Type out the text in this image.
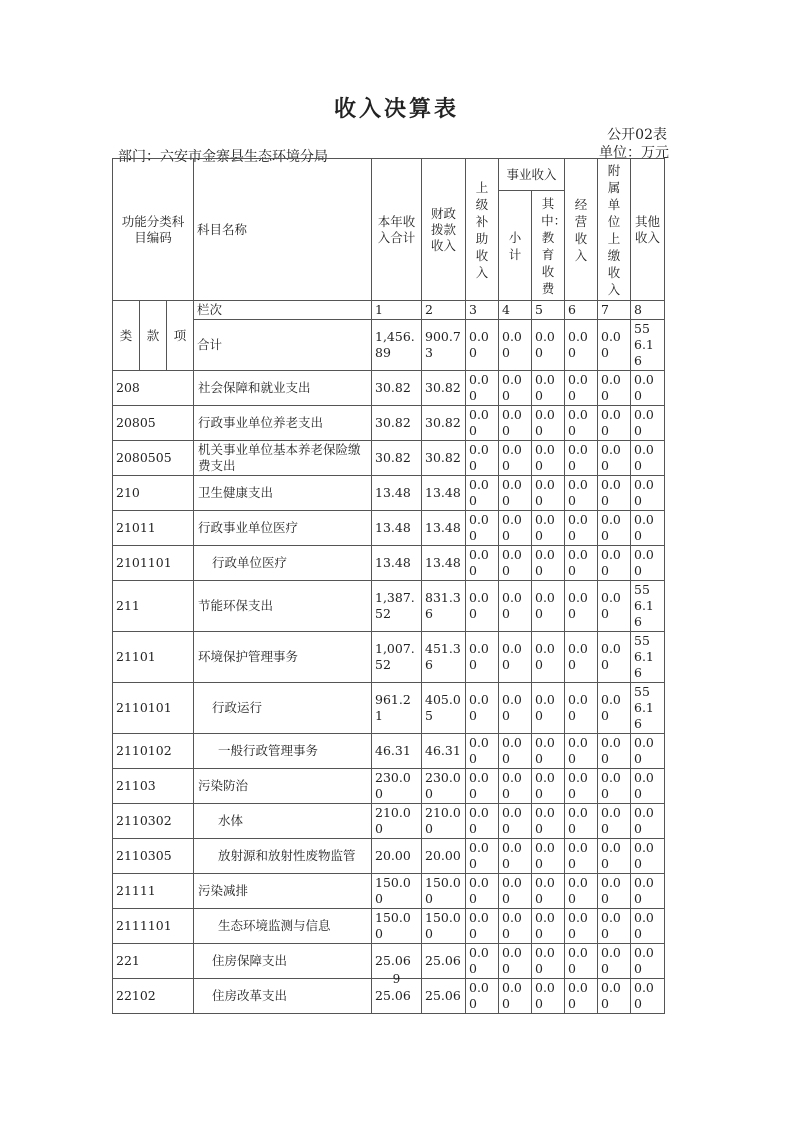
收入决算表
公开02表
单位：万元
部门：六安市金寨县生态环境分局
功能分类科目编码			科目名称	本年收入合计	财政拨款收入	上级补助收入	事业收入		经营收入	附属单位上缴收入	其他收入
							小计	其中：教育收费			
类	款	项	栏次	1	2	3	4	5	6	7	8
			合计	1,456.89	900.73	0.00	0.00	0.00	0.00	0.00	556.16
208			社会保障和就业支出	30.82	30.82	0.00	0.00	0.00	0.00	0.00	0.00
20805			行政事业单位养老支出	30.82	30.82	0.00	0.00	0.00	0.00	0.00	0.00
2080505			机关事业单位基本养老保险缴费支出	30.82	30.82	0.00	0.00	0.00	0.00	0.00	0.00
210			卫生健康支出	13.48	13.48	0.00	0.00	0.00	0.00	0.00	0.00
21011			行政事业单位医疗	13.48	13.48	0.00	0.00	0.00	0.00	0.00	0.00
2101101			行政单位医疗	13.48	13.48	0.00	0.00	0.00	0.00	0.00	0.00
211			节能环保支出	1,387.52	831.36	0.00	0.00	0.00	0.00	0.00	556.16
21101			环境保护管理事务	1,007.52	451.36	0.00	0.00	0.00	0.00	0.00	556.16
2110101			行政运行	961.21	405.05	0.00	0.00	0.00	0.00	0.00	556.16
2110102			一般行政管理事务	46.31	46.31	0.00	0.00	0.00	0.00	0.00	0.00
21103			污染防治	230.00	230.00	0.00	0.00	0.00	0.00	0.00	0.00
2110302			水体	210.00	210.00	0.00	0.00	0.00	0.00	0.00	0.00
2110305			放射源和放射性废物监管	20.00	20.00	0.00	0.00	0.00	0.00	0.00	0.00
21111			污染减排	150.00	150.00	0.00	0.00	0.00	0.00	0.00	0.00
2111101			生态环境监测与信息	150.00	150.00	0.00	0.00	0.00	0.00	0.00	0.00
221			住房保障支出	25.06	25.06	0.00	0.00	0.00	0.00	0.00	0.00
22102			住房改革支出	25.06	25.06	0.00	0.00	0.00	0.00	0.00	0.00
9
